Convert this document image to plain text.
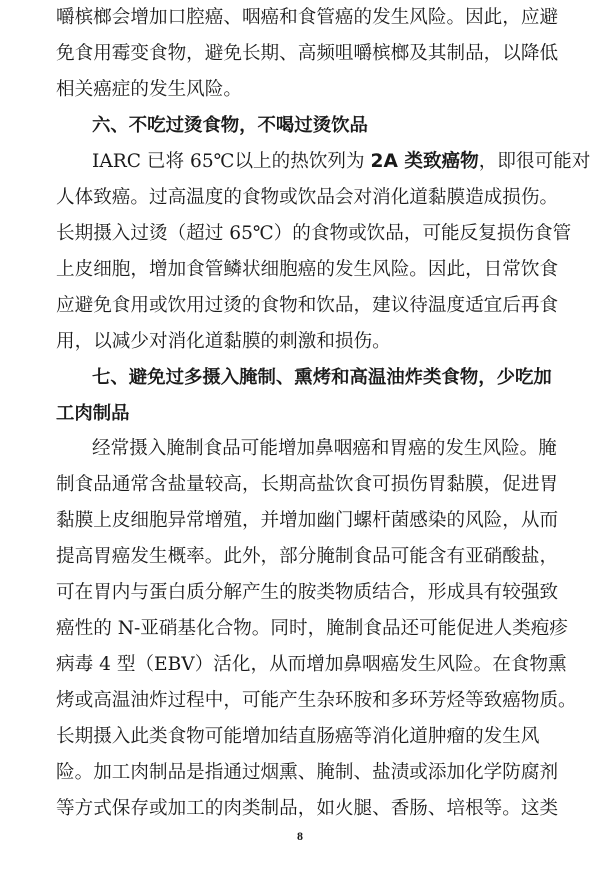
嚼槟榔会增加口腔癌、咽癌和食管癌的发生风险。因此，应避
免食用霉变食物，避免长期、高频咀嚼槟榔及其制品，以降低
相关癌症的发生风险。
六、不吃过烫食物，不喝过烫饮品
IARC 已将 65℃以上的热饮列为 2A 类致癌物，即很可能对
人体致癌。过高温度的食物或饮品会对消化道黏膜造成损伤。
长期摄入过烫（超过 65℃）的食物或饮品，可能反复损伤食管
上皮细胞，增加食管鳞状细胞癌的发生风险。因此，日常饮食
应避免食用或饮用过烫的食物和饮品，建议待温度适宜后再食
用，以减少对消化道黏膜的刺激和损伤。
七、避免过多摄入腌制、熏烤和高温油炸类食物，少吃加
工肉制品
经常摄入腌制食品可能增加鼻咽癌和胃癌的发生风险。腌
制食品通常含盐量较高，长期高盐饮食可损伤胃黏膜，促进胃
黏膜上皮细胞异常增殖，并增加幽门螺杆菌感染的风险，从而
提高胃癌发生概率。此外，部分腌制食品可能含有亚硝酸盐，
可在胃内与蛋白质分解产生的胺类物质结合，形成具有较强致
癌性的 N-亚硝基化合物。同时，腌制食品还可能促进人类疱疹
病毒 4 型（EBV）活化，从而增加鼻咽癌发生风险。在食物熏
烤或高温油炸过程中，可能产生杂环胺和多环芳烃等致癌物质。
长期摄入此类食物可能增加结直肠癌等消化道肿瘤的发生风
险。加工肉制品是指通过烟熏、腌制、盐渍或添加化学防腐剂
8
等方式保存或加工的肉类制品，如火腿、香肠、培根等。这类
